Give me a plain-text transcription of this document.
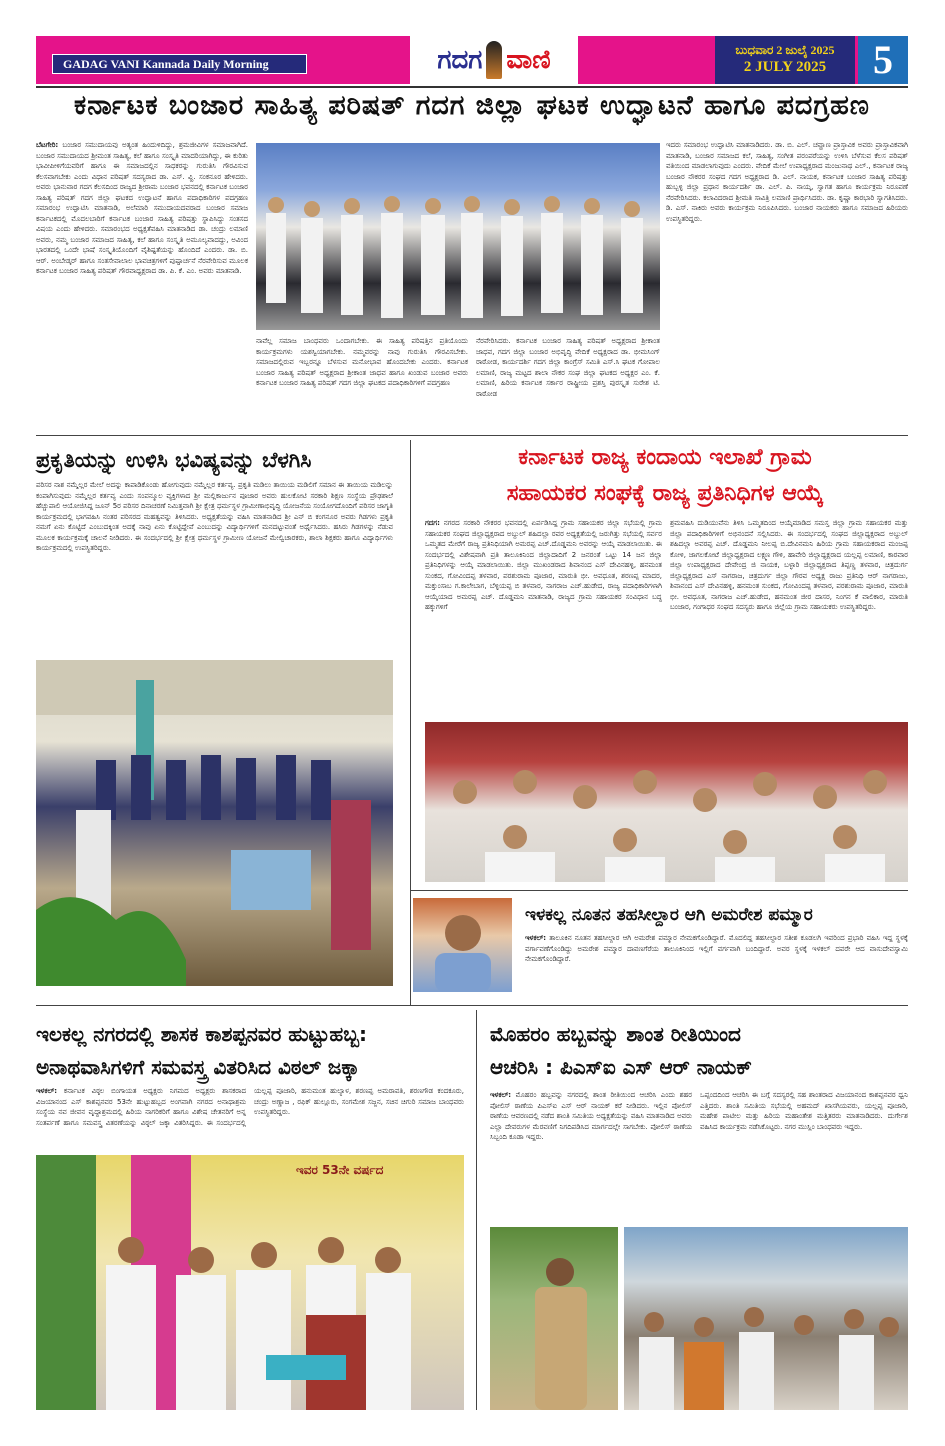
GADAG VANI Kannada Daily Morning	ಗದಗ ವಾಣಿ	ಬುಧವಾರ 2 ಜುಲೈ 2025
2 JULY 2025	5
ಕರ್ನಾಟಕ ಬಂಜಾರ ಸಾಹಿತ್ಯ ಪರಿಷತ್ ಗದಗ ಜಿಲ್ಲಾ ಘಟಕ ಉದ್ಘಾಟನೆ ಹಾಗೂ ಪದಗ್ರಹಣ
ಬೆಟಗೇರಿ: ಬಂಜಾರ ಸಮುದಾಯವು ಅತ್ಯಂತ ಹಿಂದುಳಿದಿದ್ದು, ಶ್ರಮಜೀವಿಗಳ ಸಮಾಜವಾಗಿದೆ. ಬಂಜಾರ ಸಮುದಾಯದ ಶ್ರೀಮಂತ ಸಾಹಿತ್ಯ, ಕಲೆ ಹಾಗೂ ಸಂಸ್ಕೃತಿ ಮಾದರಿಯಾಗಿದ್ದು, ಈ ಕುರಿತು ಭಾವೀಪೀಳಿಗೆಯವರಿಗೆ ಹಾಗೂ ಈ ಸಮಾಜದಲ್ಲಿನ ಸಾಧಕರನ್ನು ಗುರುತಿಸಿ ಗೌರವಿಸುವ ಕೆಲಸವಾಗಬೇಕು ಎಂದು ವಿಧಾನ ಪರಿಷತ್ ಸದಸ್ಯರಾದ ಡಾ. ಎಸ್. ವ್ಹಿ. ಸಂಕನೂರ ಹೇಳಿದರು. ಅವರು ಭಾನುವಾರ ಗದಗ ಕೆಲಸದಿಂದ ರಾಜ್ಯದ ಶ್ರೀರಾಮ ಬಂಜಾರ ಭವನದಲ್ಲಿ ಕರ್ನಾಟಕ ಬಂಜಾರ ಸಾಹಿತ್ಯ ಪರಿಷತ್ ಗದಗ ಜಿಲ್ಲಾ ಘಟಕದ ಉದ್ಘಾಟನೆ ಹಾಗೂ ಪದಾಧಿಕಾರಿಗಳ ಪದಗ್ರಹಣ ಸಮಾರಂಭ ಉದ್ಘಾಟಿಸಿ ಮಾತನಾಡಿ, ಅಲೆಮಾರಿ ಸಮುದಾಯದವರಾದ ಬಂಜಾರ ಸಮಾಜ ಕರ್ನಾಟಕದಲ್ಲಿ ಮೊದಲಬಾರಿಗೆ ಕರ್ನಾಟಕ ಬಂಜಾರ ಸಾಹಿತ್ಯ ಪರಿಷತ್ತು ಸ್ಥಾಪಿಸಿದ್ದು ಸಂತಸದ ವಿಷಯ ಎಂದು ಹೇಳಿದರು. ಸಮಾರಂಭದ ಅಧ್ಯಕ್ಷತೆವಹಿಸಿ ಮಾತನಾಡಿದ ಡಾ. ಚಂದ್ರು ಲಮಾಣಿ ಅವರು, ನಮ್ಮ ಬಂಜಾರ ಸಮಾಜದ ಸಾಹಿತ್ಯ, ಕಲೆ ಹಾಗೂ ಸಂಸ್ಕೃತಿ ಅಮೂಲ್ಯವಾದದ್ದು, ಅವಿಂದ ಭಾರತದಲ್ಲಿ ಒಂದೇ ಭಾಷೆ ಸಂಸ್ಕೃತಿಯೊಂದಿಗೆ ವೈಶಿಷ್ಟತೆಯನ್ನು ಹೊಂದಿದೆ ಎಂದರು. ಡಾ. ಬಿ. ಆರ್. ಅಂಬೇಡ್ಕರ್ ಹಾಗೂ ಸಂತಸೇವಾಲಾಲ ಭಾವಚಿತ್ರಗಳಿಗೆ ಪುಷ್ಪಾರ್ಚನೆ ನೆರವೇರಿಸುವ ಮೂಲಕ ಕರ್ನಾಟಕ ಬಂಜಾರ ಸಾಹಿತ್ಯ ಪರಿಷತ್ ಗೌರವಾಧ್ಯಕ್ಷರಾದ ಡಾ. ಪಿ. ಕೆ. ಎಂ. ಅವರು ಮಾತನಾಡಿ.
ನಾವೆಲ್ಲ ಸಮಾಜ ಬಾಂಧವರು ಒಂದಾಗಬೇಕು. ಈ ಸಾಹಿತ್ಯ ಪರಿಷತ್ತಿನ ಪ್ರತಿಯೊಂದು ಕಾರ್ಯಕ್ರಮಗಳು ಯಶಸ್ವಿಯಾಗಬೇಕು. ನಮ್ಮವರನ್ನು ನಾವು ಗುರುತಿಸಿ ಗೌರವಿಸಬೇಕು. ಸಮಾಜದಲ್ಲಿರುವ ಇಬ್ಬರನ್ನೂ ಬೆಳಸುವ ಮನೋಭಾವ ಹೊಂದಬೇಕು ಎಂದರು. ಕರ್ನಾಟಕ ಬಂಜಾರ ಸಾಹಿತ್ಯ ಪರಿಷತ್ ಅಧ್ಯಕ್ಷರಾದ ಶ್ರೀಕಾಂತ ಜಾಧವ ಹಾಗೂ ಖಂಡುವ ಬಂಜಾರ ಅವರು ಕರ್ನಾಟಕ ಬಂಜಾರ ಸಾಹಿತ್ಯ ಪರಿಷತ್ ಗದಗ ಜಿಲ್ಲಾ ಘಟಕದ ಪದಾಧಿಕಾರಿಗಳಿಗೆ ಪದಗ್ರಹಣ
ನೆರವೇರಿಸಿದರು. ಕರ್ನಾಟಕ ಬಂಜಾರ ಸಾಹಿತ್ಯ ಪರಿಷತ್ ಅಧ್ಯಕ್ಷರಾದ ಶ್ರೀಕಾಂತ ಜಾಧವ, ಗದಗ ಜಿಲ್ಲಾ ಬಂಜಾರ ಅಭಿವೃದ್ಧಿ ವೇದಿಕೆ ಅಧ್ಯಕ್ಷರಾದ ಡಾ. ಭೀಮಸಿಂಗ್ ರಾಠೋಡ, ಕಾರ್ಯದರ್ಶಿ ಗದಗ ಜಿಲ್ಲಾ ಕಾಂಗ್ರೆಸ್ ಸಮಿತಿ ಎಸ್.ಸಿ ಘಟಕ ಗೋಪಾಲ ಲಮಾಣಿ, ರಾಜ್ಯ ಮಟ್ಟದ ಶಾಲಾ ನೌಕರ ಸಂಘ ಜಿಲ್ಲಾ ಘಟಕದ ಅಧ್ಯಕ್ಷರ ಎಂ. ಕೆ. ಲಮಾಣಿ, ಹಿರಿಯ ಕರ್ನಾಟಕ ಸರ್ಕಾರ ರಾಷ್ಟ್ರೀಯ ಪ್ರಶಸ್ತಿ ಪುರಸ್ಕೃತ ಸುರೇಶ ಟಿ. ರಾಠೋಡ
ಇದರು ಸಮಾರಂಭ ಉದ್ಘಾಟಿಸಿ ಮಾತನಾಡಿದರು. ಡಾ. ಬಿ. ಎಲ್. ಚವ್ಹಾಣ ಪ್ರಾಸ್ತಾವಿಕ ಅವರು ಪ್ರಾಸ್ತಾವಿಕವಾಗಿ ಮಾತನಾಡಿ, ಬಂಜಾರ ಸಮಾಜದ ಕಲೆ, ಸಾಹಿತ್ಯ, ಸಂಗೀತ ಪರಂಪರೆಯನ್ನು ಉಳಿಸಿ ಬೆಳೆಸುವ ಕೆಲಸ ಪರಿಷತ್ ವತಿಯಿಂದ ಮಾಡಲಾಗುವುದು ಎಂದರು. ವೇದಿಕೆ ಮೇಲೆ ಉಪಾಧ್ಯಕ್ಷರಾದ ಮಂಜುನಾಥ ಎಲ್., ಕರ್ನಾಟಕ ರಾಜ್ಯ ಬಂಜಾರ ನೌಕರರ ಸಂಘದ ಗದಗ ಅಧ್ಯಕ್ಷರಾದ ಡಿ. ಎಲ್. ನಾಯಕ, ಕರ್ನಾಟಕ ಬಂಜಾರ ಸಾಹಿತ್ಯ ಪರಿಷತ್ತು ಹುಬ್ಬಳ್ಳಿ ಜಿಲ್ಲಾ ಪ್ರಧಾನ ಕಾರ್ಯದರ್ಶಿ ಡಾ. ಎಲ್. ಪಿ. ನಾಯ್ಕ, ಸ್ವಾಗತ ಹಾಗೂ ಕಾರ್ಯಕ್ರಮ ನಿರೂಪಣೆ ನೆರವೇರಿಸಿದರು. ಕಲಾವಿದರಾದ ಶ್ರೀಮತಿ ಸಾವಿತ್ರಿ ಲಮಾಣಿ ಪ್ರಾರ್ಥಿಸಿದರು. ಡಾ. ಕೃಷ್ಣಾ ಕಾರಭಾರಿ ಸ್ವಾಗತಿಸಿದರು. ಡಿ. ಎಸ್. ನಾಕಿರು ಅವರು ಕಾರ್ಯಕ್ರಮ ನಿರೂಪಿಸಿದರು. ಬಂಜಾರ ನಾಯಕರು ಹಾಗೂ ಸಮಾಜದ ಹಿರಿಯರು ಉಪಸ್ಥಿತರಿದ್ದರು.
ಪ್ರಕೃತಿಯನ್ನು ಉಳಿಸಿ ಭವಿಷ್ಯವನ್ನು ಬೆಳಗಿಸಿ
ಪರಿಸರ ನಾಶ ನಮ್ಮೆಲ್ಲರ ಮೇಲೆ ಅದನ್ನು ಕಾಪಾಡಿಕೊಂಡು ಹೋಗುವುದು ನಮ್ಮೆಲ್ಲರ ಕರ್ತವ್ಯ. ಪ್ರಕೃತಿ ಮಡಿಲು ತಾಯಿಯ ಮಡಿಲಿಗೆ ಸಮಾನ ಈ ತಾಯಿಯ ಮಡಿಲನ್ನು ಕಂಪಾಗಿಸುವುದು ನಮ್ಮೆಲ್ಲರ ಕರ್ತವ್ಯ ಎಂದು ಸಂಪನ್ಮೂಲ ವ್ಯಕ್ತಿಗಳಾದ ಶ್ರೀ ಮಲ್ಲಿಕಾರ್ಜುನ ಪೂಜಾರ ಅವರು ಹುಲಕೋಟಿ ಸರಕಾರಿ ಶಿಕ್ಷಣ ಸಂಸ್ಥೆಯ ಪ್ರೌಢಶಾಲೆ ಹೆಚ್ಚುಪಾಲಿ ಆಯೋಜಿಸಿದ್ದ ಜೂನ್ 5ರ ಪರಿಸರ ದಿನಾಚರಣೆ ನಿಮಿತ್ತವಾಗಿ ಶ್ರೀ ಕ್ಷೇತ್ರ ಧರ್ಮಸ್ಥಳ ಗ್ರಾಮೀಣಾಭಿವೃದ್ಧಿ ಯೋಜನೆಯ ಸಂಯೋಗದೊಂದಿಗೆ ಪರಿಸರ ಜಾಗೃತಿ ಕಾರ್ಯಕ್ರಮದಲ್ಲಿ ಭಾಗವಹಿಸಿ ನಂತರ ಪರಿಸರದ ಮಹತ್ವವನ್ನು ತಿಳಿಸಿದರು. ಅಧ್ಯಕ್ಷತೆಯನ್ನು ವಹಿಸಿ ಮಾತನಾಡಿದ ಶ್ರೀ ಎನ್ ಬಿ ಕಂಗನೂರ ಅವರು ಗಿಡಗಳು ಪ್ರಕೃತಿ ನಮಗೆ ಏನು ಕೊಟ್ಟಿದೆ ಎಂಬುದಕ್ಕಿಂತ ಅದಕ್ಕೆ ನಾವು ಏನು ಕೊಟ್ಟಿದ್ದೇವೆ ಎಂಬುದನ್ನು ವಿದ್ಯಾರ್ಥಿಗಳಿಗೆ ಮನದಟ್ಟುವಂತೆ ಅರ್ಥೈಸಿದರು. ಹಸಿರು ಗಿಡಗಳನ್ನು ನೆಡುವ ಮೂಲಕ ಕಾರ್ಯಕ್ರಮಕ್ಕೆ ಚಾಲನೆ ನೀಡಿದರು. ಈ ಸಂದರ್ಭದಲ್ಲಿ ಶ್ರೀ ಕ್ಷೇತ್ರ ಧರ್ಮಸ್ಥಳ ಗ್ರಾಮೀಣ ಯೋಜನೆ ಮೇಲ್ವಿಚಾರಕರು, ಶಾಲಾ ಶಿಕ್ಷಕರು ಹಾಗೂ ವಿದ್ಯಾರ್ಥಿಗಳು ಕಾರ್ಯಕ್ರಮದಲ್ಲಿ ಉಪಸ್ಥಿತರಿದ್ದರು.
ಕರ್ನಾಟಕ ರಾಜ್ಯ ಕಂದಾಯ ಇಲಾಖೆ ಗ್ರಾಮ
ಸಹಾಯಕರ ಸಂಘಕ್ಕೆ ರಾಜ್ಯ ಪ್ರತಿನಿಧಿಗಳ ಆಯ್ಕೆ
ಗದಗ: ನಗರದ ಸರಕಾರಿ ನೌಕರರ ಭವನದಲ್ಲಿ ಏರ್ಪಡಿಸಿದ್ದ ಗ್ರಾಮ ಸಹಾಯಕರ ಜಿಲ್ಲಾ ಸಭೆಯಲ್ಲಿ ಗ್ರಾಮ ಸಹಾಯಕರ ಸಂಘದ ಜಿಲ್ಲಾಧ್ಯಕ್ಷರಾದ ಅಬ್ದುಲ್ ಶಹಿದಲ್ಲಾ ರವರ ಅಧ್ಯಕ್ಷತೆಯಲ್ಲಿ ಜರುಗಿತ್ತು ಸಭೆಯಲ್ಲಿ ಸರ್ವರ ಒಮ್ಮತದ ಮೇರೆಗೆ ರಾಜ್ಯ ಪ್ರತಿನಿಧಿಯಾಗಿ ಅಮರಪ್ಪ ಎಚ್.ದೊಡ್ಡಮನಿ ಅವರನ್ನು ಆಯ್ಕೆ ಮಾಡಲಾಯಿತು. ಈ ಸಂದರ್ಭದಲ್ಲಿ ವಿಶೇಷವಾಗಿ ಪ್ರತಿ ತಾಲೂಕಿನಿಂದ ಜಿಲ್ಲಾದಾದಿಗೆ 2 ಜನರಂತೆ ಒಟ್ಟು 14 ಜನ ಜಿಲ್ಲಾ ಪ್ರತಿನಿಧಿಗಳನ್ನು ಆಯ್ಕೆ ಮಾಡಲಾಯಿತು. ಜಿಲ್ಲಾ ಮುಖಂಡರಾದ ಶಿವಾನಂದ ಎಸ್ ದೇವಿನಹಳ್ಳಿ, ಹನಮಂತ ಸುಂಕದ, ಗೋವಿಂದಪ್ಪ ತಳವಾರ, ಪರಶುರಾಮ ಪೂಜಾರ, ಮಾರುತಿ ಭೀ. ಅವಧೂತ, ಶರಣಪ್ಪ ಮಾದರ, ಮಕ್ತುಂಸಾಬ ಗ.ಕಾಲೇಬಾಗ, ಬೆಳ್ಳಿಯಪ್ಪ ಬಿ ತಳವಾರ, ನಾಗರಾಜ ಎಚ್.ಹುಡೇದ, ರಾಜ್ಯ ಪದಾಧಿಕಾರಿಗಳಾಗಿ ಆಯ್ಕೆಯಾದ ಅಮರಪ್ಪ ಎಚ್. ದೊಡ್ಡಮನಿ ಮಾತನಾಡಿ, ರಾಜ್ಯದ ಗ್ರಾಮ ಸಹಾಯಕರ ಸಂವಿಧಾನ ಬದ್ಧ ಹಕ್ಕುಗಳಿಗೆ
ಶ್ರಮವಹಿಸಿ ದುಡಿಯುವೆನು ತಿಳಿಸಿ ಒಮ್ಮತದಿಂದ ಆಯ್ಕೆಮಾಡಿದ ಸಮಸ್ತ ಜಿಲ್ಲಾ ಗ್ರಾಮ ಸಹಾಯಕರ ಮತ್ತು ಜಿಲ್ಲಾ ಪದಾಧಿಕಾರಿಗಳಿಗೆ ಅಭಿನಂದನೆ ಸಲ್ಲಿಸಿದರು. ಈ ಸಂದರ್ಭದಲ್ಲಿ ಸಂಘದ ಜಿಲ್ಲಾಧ್ಯಕ್ಷರಾದ ಅಬ್ದುಲ್ ಶಹಿದಲ್ಲಾ ಅವರಪ್ಪ ಎಚ್. ದೊಡ್ಡಮನಿ ನೀಲಪ್ಪ ಬಿ.ದೇವಿನಮನಿ ಹಿರಿಯ ಗ್ರಾಮ ಸಹಾಯಕರಾದ ಮಂಜಪ್ಪ ಕೋಳಿ, ಜಾಗಲಕೋಟೆ ಜಿಲ್ಲಾಧ್ಯಕ್ಷರಾದ ಲಕ್ಷ್ಮಣ ಗೌಳಿ, ಹಾವೇರಿ ಜಿಲ್ಲಾಧ್ಯಕ್ಷರಾದ ಯಲ್ಲಪ್ಪ ಲಮಾಣಿ, ಕಾರವಾರ ಜಿಲ್ಲಾ ಉಪಾಧ್ಯಕ್ಷರಾದ ದೇವೇಂದ್ರ ಜಿ ನಾಯಕ, ಬಳ್ಳಾರಿ ಜಿಲ್ಲಾಧ್ಯಕ್ಷರಾದ ತಿಪ್ಪಣ್ಣ ತಳವಾರ, ಚಿತ್ರದುರ್ಗ ಜಿಲ್ಲಾಧ್ಯಕ್ಷರಾದ ಎಸ್ ನಾಗರಾಜ, ಚಿತ್ರದುರ್ಗ ಜಿಲ್ಲಾ ಗೌರವ ಅಧ್ಯಕ್ಷ ರಾಜು ಪ್ರತಿನಿಧಿ ಆರ್ ನಾಗರಾಜು, ಶಿವಾನಂದ ಎಸ್ ದೇವಿನಹಳ್ಳಿ, ಹನಮಂತ ಸುಂಕದ, ಗೋವಿಂದಪ್ಪ ತಳವಾರ, ಪರಶುರಾಮ ಪೂಜಾರ, ಮಾರುತಿ ಭೀ. ಅವಧೂತ, ನಾಗರಾಜ ಎಚ್.ಹುಡೇದ, ಹನಮಂತ ಜೀರ ದಾಸರ, ನಿಂಗನ ಕೆ ವಾಲಿಕಾರ, ಮಾರುತಿ ಬಂಜಾರ, ಗಂಗಾಧರ ಸಂಘದ ಸದಸ್ಯರು ಹಾಗೂ ಜಿಲ್ಲೆಯ ಗ್ರಾಮ ಸಹಾಯಕರು ಉಪಸ್ಥಿತರಿದ್ದರು.
ಇಳಕಲ್ಲ ನೂತನ ತಹಸೀಲ್ದಾರ ಆಗಿ ಅಮರೇಶ ಪಮ್ಮಾರ
ಇಳಕಲ್: ತಾಲೂಕಿನ ನೂತನ ತಹಸೀಲ್ದಾರ ಆಗಿ ಅಮರೇಶ ಪಮ್ಮಾರ ನೇಮಕಗೊಂಡಿದ್ದಾರೆ. ಮೊದಲಿದ್ದ ತಹಸೀಲ್ದಾರ ಸತೀಶ ಕೂಡಲಗಿ ಇವರಿಂದ ಪ್ರಭಾರಿ ವಹಿಸಿ ಇದ್ದ ಸ್ಥಳಕ್ಕೆ ವರ್ಗಾವಣೆಗೊಂಡಿದ್ದು ಅಮರೇಶ ಪಮ್ಮಾರ ದಾವಣಗೆರೆಯ ತಾಲೂಕಿನಿಂದ ಇಲ್ಲಿಗೆ ವರ್ಗವಾಗಿ ಬಂದಿದ್ದಾರೆ. ಅವರ ಸ್ಥಳಕ್ಕೆ ಇಳಕಲ್ ದವರೇ ಆದ ವಾಸುದೇವಸ್ವಾಮಿ ನೇಮಕಗೊಂಡಿದ್ದಾರೆ.
ಇಲಕಲ್ಲ ನಗರದಲ್ಲಿ ಶಾಸಕ ಕಾಶಪ್ಪನವರ ಹುಟ್ಟುಹಬ್ಬ:
ಅನಾಥವಾಸಿಗಳಿಗೆ ಸಮವಸ್ತ್ರ ವಿತರಿಸಿದ ವಿಠಲ್ ಜಕ್ಕಾ
ಇಳಕಲ್: ಕರ್ನಾಟಕ ವಿಠ್ಠಲ ಬಿಂಗಾಯತ ಅಧ್ಯಕ್ಷರು ನಿಗಮದ ಅಧ್ಯಕ್ಷರು ಶಾಸಕರಾದ ವಿಜಯಾನಂದ ಎಸ್ ಕಾಶಪ್ಪನವರ 53ನೇ ಹುಟ್ಟುಹಬ್ಬದ ಅಂಗವಾಗಿ ನಗರದ ಅನಾಥಾಶ್ರಮ ಸಂಸ್ಥೆಯ ನವ ಜೀವನ ವೃದ್ಧಾಶ್ರಮದಲ್ಲಿ ಹಿರಿಯ ನಾಗರಿಕರಿಗೆ ಹಾಗೂ ವಿಶೇಷ ಚೇತನರಿಗೆ ಅನ್ನ ಸಂತರ್ಪಣೆ ಹಾಗೂ ಸಮವಸ್ತ್ರ ವಿತರಣೆಯನ್ನು ವಿಠ್ಠಲ್ ಜಕ್ಕಾ ವಿತರಿಸಿದ್ದರು. ಈ ಸಂದರ್ಭದಲ್ಲಿ ಯಲ್ಲಪ್ಪ ಪೂಜಾರಿ, ಹನುಮಂತ ಹುಲ್ಯಾಳ, ಶರಣಪ್ಪ ಅಮರಾವತಿ, ಶರಣಗೌಡ ಕಂದಕೂರು, ಚಂದ್ರು ಅಣ್ಣಾಜ , ರಫಿಕ್ ಹುಲ್ಲೂರು, ಸಂಗಮೇಶ ಸಜ್ಜನ, ಸಚಿನ ಚಿಗುರಿ ಸಮಾಜ ಬಾಂಧವರು ಉಪಸ್ಥಿತರಿದ್ದರು.
ಇವರ 53ನೇ ವರ್ಷದ
ಮೊಹರಂ ಹಬ್ಬವನ್ನು ಶಾಂತ ರೀತಿಯಿಂದ
ಆಚರಿಸಿ : ಪಿಎಸ್‌ಐ ಎಸ್ ಆರ್ ನಾಯಕ್
ಇಳಕಲ್: ಮೊಹರಂ ಹಬ್ಬವನ್ನು ನಗರದಲ್ಲಿ ಶಾಂತ ರೀತಿಯಿಂದ ಆಚರಿಸಿ ಎಂದು ಶಹರ ಪೋಲಿಸ್ ಠಾಣೆಯ ಪಿಎಸ್‌ಐ ಎಸ್ ಆರ್ ನಾಯಕ್ ಕರೆ ನೀಡಿದರು. ಇಲ್ಲಿನ ಪೋಲಿಸ್ ಠಾಣೆಯ ಆವರಣದಲ್ಲಿ ನಡೆದ ಶಾಂತಿ ಸಮಿತಿಯ ಅಧ್ಯಕ್ಷತೆಯನ್ನು ವಹಿಸಿ ಮಾತನಾಡಿದ ಅವರು ಎಲ್ಲಾ ದೇವರುಗಳ ಮೆರವಣಿಗೆ ನಿಗದಿಪಡಿಸಿದ ಮಾರ್ಗದಲ್ಲೇ ಸಾಗಬೇಕು. ಪೋಲಿಸ್ ಠಾಣೆಯ ಸಿಬ್ಬಂದಿ ಕೂಡಾ ಇದ್ದರು.
ಒಪ್ಪಂದದಿಂದ ಆಚರಿಸಿ ಈ ಬಗ್ಗೆ ಸದಸ್ಯರಲ್ಲಿ ಸಹ ಶಾಂತರಾದ ವಿಜಯಾನಂದ ಕಾಶಪ್ಪನವರ ಧ್ವನಿ ಎತ್ತಿದರು. ಶಾಂತಿ ಸಮಿತಿಯ ಸಭೆಯಲ್ಲಿ ಅಹಮದ್ ಖಾಸಗಿಯವರು, ಯಲ್ಲಪ್ಪ ಪೂಜಾರಿ, ಮಹೇಶ ಪಾಟೀಲ ಮತ್ತು ಹಿರಿಯ ಮಹಾಂತೇಶ ಮತ್ತಿತರರು ಮಾತನಾಡಿದರು. ದುರ್ಗೇಶ ವಹಿಸಿದ ಕಾರ್ಯಕ್ರಮ ನಡೆಸಿಕೊಟ್ಟರು. ನಗರ ಮುಸ್ಲಿಂ ಬಾಂಧವರು ಇದ್ದರು.
